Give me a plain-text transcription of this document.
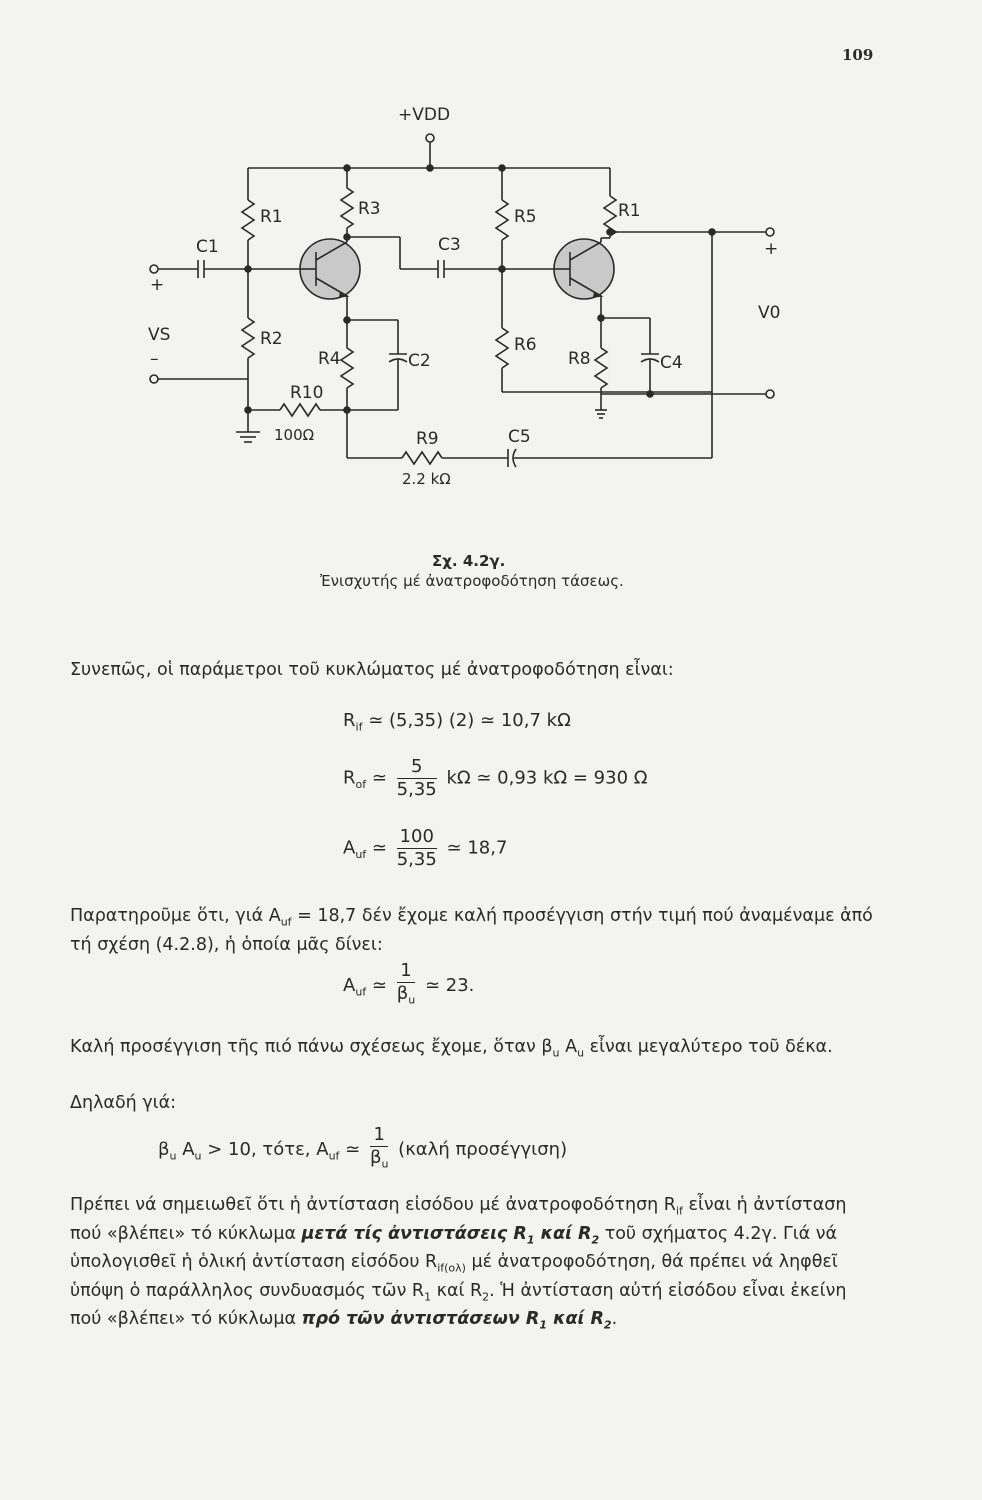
109
+VDD
R1
R2
R3
R4
R5
R6
R1
R8
R9
R10
C1
C2
C3
C4
C5
VS
V0
+
–
+
100Ω
2.2 kΩ
Σχ. 4.2γ.
Ἐνισχυτής μέ ἀνατροφοδότηση τάσεως.
Συνεπῶς, οἱ παράμετροι τοῦ κυκλώματος μέ ἀνατροφοδότηση εἶναι:
$R_{if}$ ≃ (5,35) (2) ≃ 10,7 kΩ
$R_{of}$ ≃ $\frac{5}{5,35}$ kΩ ≃ 0,93 kΩ = 930 Ω
$A_{uf}$ ≃ $\frac{100}{5,35}$ ≃ 18,7
Παρατηροῦμε ὅτι, γιά $A_{uf} = 18,7$ δέν ἔχομε καλή προσέγγιση στήν τιμή πού ἀναμέναμε ἀπό τή σχέση (4.2.8), ἡ ὁποία μᾶς δίνει:
$A_{uf}$ ≃ $\frac{1}{\beta_u}$ ≃ 23.
Καλή προσέγγιση τῆς πιό πάνω σχέσεως ἔχομε, ὅταν $\beta_u$ $A_u$ εἶναι μεγαλύτερο τοῦ δέκα.
Δηλαδή γιά:
$\beta_u$ $A_u > 10$, τότε, $A_{uf}$ ≃ $\frac{1}{\beta_u} (\kappa\alpha\lambda ή$ προσέγγιση)
Πρέπει νά σημειωθεῖ ὅτι ἡ ἀντίσταση εἰσόδου μέ ἀνατροφοδότηση $R_{if}$ εἶναι ἡ ἀντίσταση πού «βλέπει» τό κύκλωμα μετά τίς ἀντιστάσεις $R_1$ καί $R_2$ τοῦ σχήματος 4.2γ. Γιά νά ὑπολογισθεῖ ἡ ὁλική ἀντίσταση εἰσόδου $R_{if(o\lambda)}$ μέ ἀνατροφοδότηση, θά πρέπει νά ληφθεῖ ὑπόψη ὁ παράλληλος συνδυασμός τῶν $R_1$ καί $R_2$. Ἡ ἀντίσταση αὐτή εἰσόδου εἶναι ἐκείνη πού «βλέπει» τό κύκλωμα πρό τῶν ἀντιστάσεων $R_1$ καί $R_2$.
